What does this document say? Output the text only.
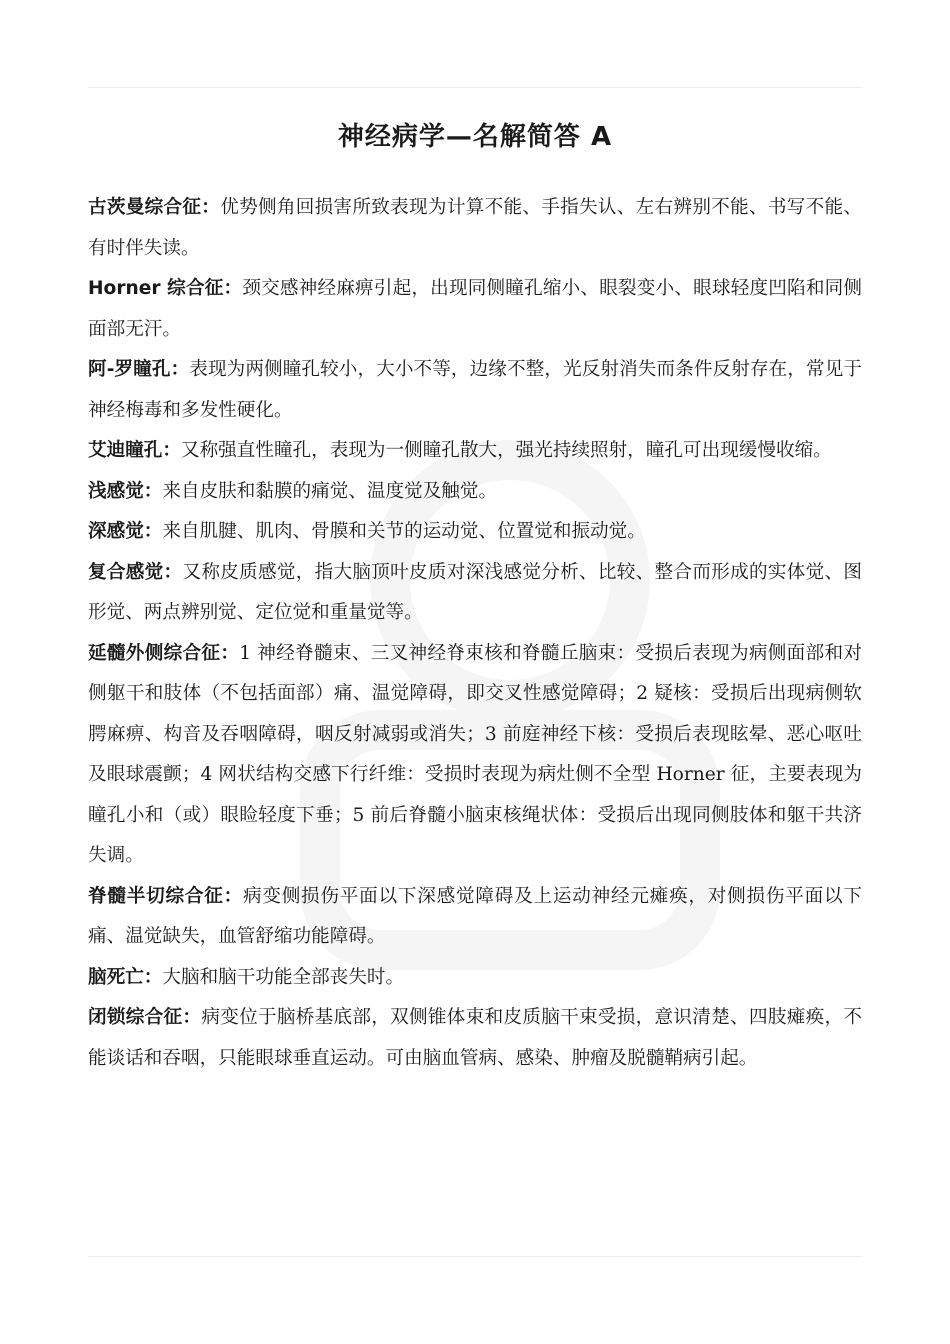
神经病学—名解简答 A

古茨曼综合征：优势侧角回损害所致表现为计算不能、手指失认、左右辨别不能、书写不能、有时伴失读。

Horner 综合征：颈交感神经麻痹引起，出现同侧瞳孔缩小、眼裂变小、眼球轻度凹陷和同侧面部无汗。

阿-罗瞳孔：表现为两侧瞳孔较小，大小不等，边缘不整，光反射消失而条件反射存在，常见于神经梅毒和多发性硬化。

艾迪瞳孔：又称强直性瞳孔，表现为一侧瞳孔散大，强光持续照射，瞳孔可出现缓慢收缩。

浅感觉：来自皮肤和黏膜的痛觉、温度觉及触觉。

深感觉：来自肌腱、肌肉、骨膜和关节的运动觉、位置觉和振动觉。

复合感觉：又称皮质感觉，指大脑顶叶皮质对深浅感觉分析、比较、整合而形成的实体觉、图形觉、两点辨别觉、定位觉和重量觉等。

延髓外侧综合征：1 神经脊髓束、三叉神经脊束核和脊髓丘脑束：受损后表现为病侧面部和对侧躯干和肢体（不包括面部）痛、温觉障碍，即交叉性感觉障碍；2 疑核：受损后出现病侧软腭麻痹、构音及吞咽障碍，咽反射减弱或消失；3 前庭神经下核：受损后表现眩晕、恶心呕吐及眼球震颤；4 网状结构交感下行纤维：受损时表现为病灶侧不全型 Horner 征，主要表现为瞳孔小和（或）眼睑轻度下垂；5 前后脊髓小脑束核绳状体：受损后出现同侧肢体和躯干共济失调。

脊髓半切综合征：病变侧损伤平面以下深感觉障碍及上运动神经元瘫痪，对侧损伤平面以下痛、温觉缺失，血管舒缩功能障碍。

脑死亡：大脑和脑干功能全部丧失时。

闭锁综合征：病变位于脑桥基底部，双侧锥体束和皮质脑干束受损，意识清楚、四肢瘫痪，不能谈话和吞咽，只能眼球垂直运动。可由脑血管病、感染、肿瘤及脱髓鞘病引起。
